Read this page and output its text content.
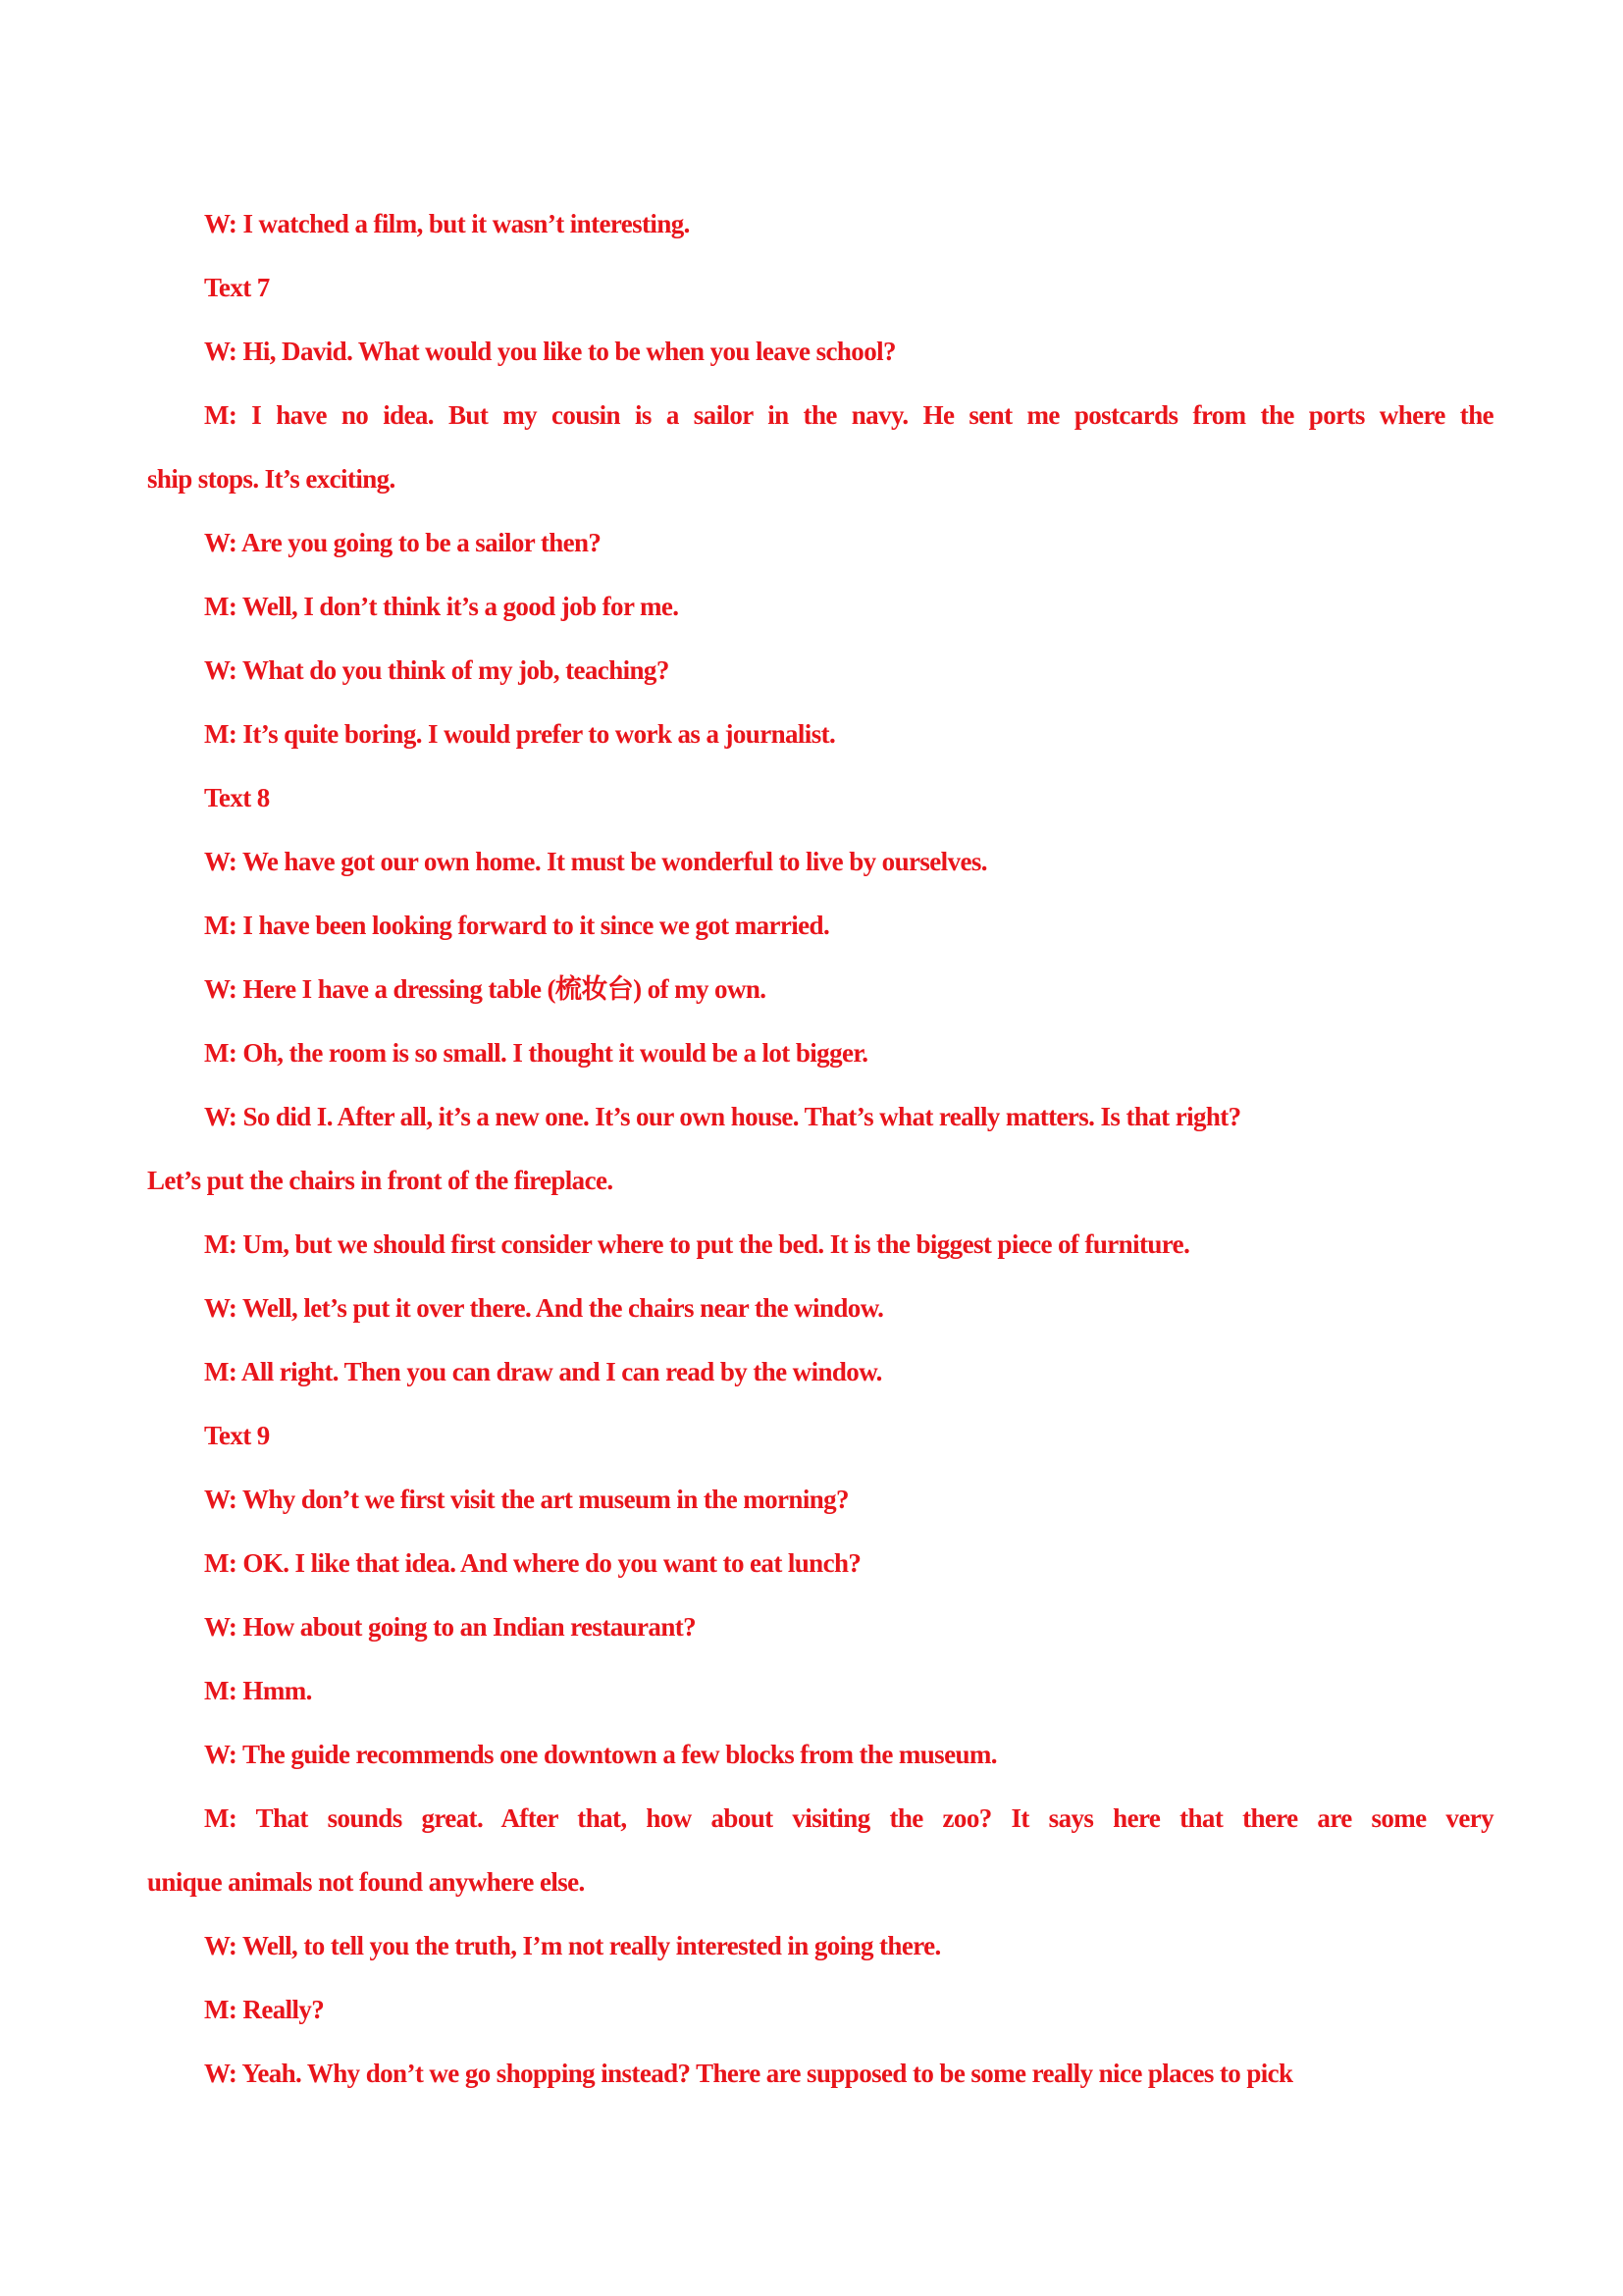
W: I watched a film, but it wasn’t interesting.
Text 7
W: Hi, David. What would you like to be when you leave school?
M: I have no idea. But my cousin is a sailor in the navy. He sent me postcards from the ports where the
ship stops. It’s exciting.
W: Are you going to be a sailor then?
M: Well, I don’t think it’s a good job for me.
W: What do you think of my job, teaching?
M: It’s quite boring. I would prefer to work as a journalist.
Text 8
W: We have got our own home. It must be wonderful to live by ourselves.
M: I have been looking forward to it since we got married.
W: Here I have a dressing table (梳妆台) of my own.
M: Oh, the room is so small. I thought it would be a lot bigger.
W: So did I. After all, it’s a new one. It’s our own house. That’s what really matters. Is that right?
Let’s put the chairs in front of the fireplace.
M: Um, but we should first consider where to put the bed. It is the biggest piece of furniture.
W: Well, let’s put it over there. And the chairs near the window.
M: All right. Then you can draw and I can read by the window.
Text 9
W: Why don’t we first visit the art museum in the morning?
M: OK. I like that idea. And where do you want to eat lunch?
W: How about going to an Indian restaurant?
M: Hmm.
W: The guide recommends one downtown a few blocks from the museum.
M: That sounds great. After that, how about visiting the zoo? It says here that there are some very
unique animals not found anywhere else.
W: Well, to tell you the truth, I’m not really interested in going there.
M: Really?
W: Yeah. Why don’t we go shopping instead? There are supposed to be some really nice places to pick
